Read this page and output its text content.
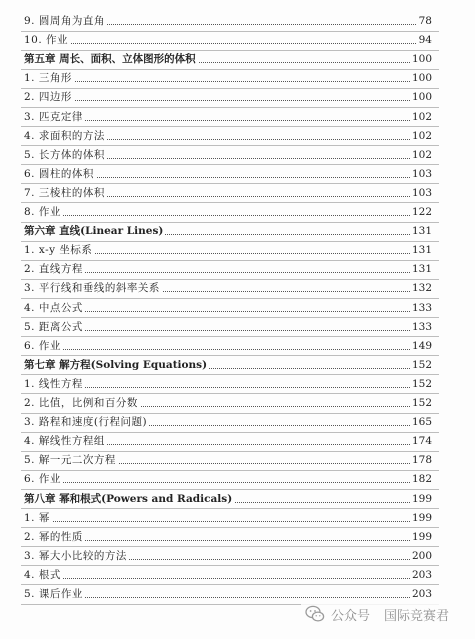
9. 圆周角为直角	78
10. 作业	94
第五章 周长、面积、立体图形的体积	100
1. 三角形	100
2. 四边形	100
3. 匹克定律	102
4. 求面积的方法	102
5. 长方体的体积	102
6. 圆柱的体积	103
7. 三棱柱的体积	103
8. 作业	122
第六章 直线(Linear Lines)	131
1. x-y 坐标系	131
2. 直线方程	131
3. 平行线和垂线的斜率关系	132
4. 中点公式	133
5. 距离公式	133
6. 作业	149
第七章 解方程(Solving Equations)	152
1. 线性方程	152
2. 比值，比例和百分数	152
3. 路程和速度(行程问题)	165
4. 解线性方程组	174
5. 解一元二次方程	178
6. 作业	182
第八章 幂和根式(Powers and Radicals)	199
1. 幂	199
2. 幂的性质	199
3. 幂大小比较的方法	200
4. 根式	203
5. 课后作业	203
公众号 国际竞赛君
